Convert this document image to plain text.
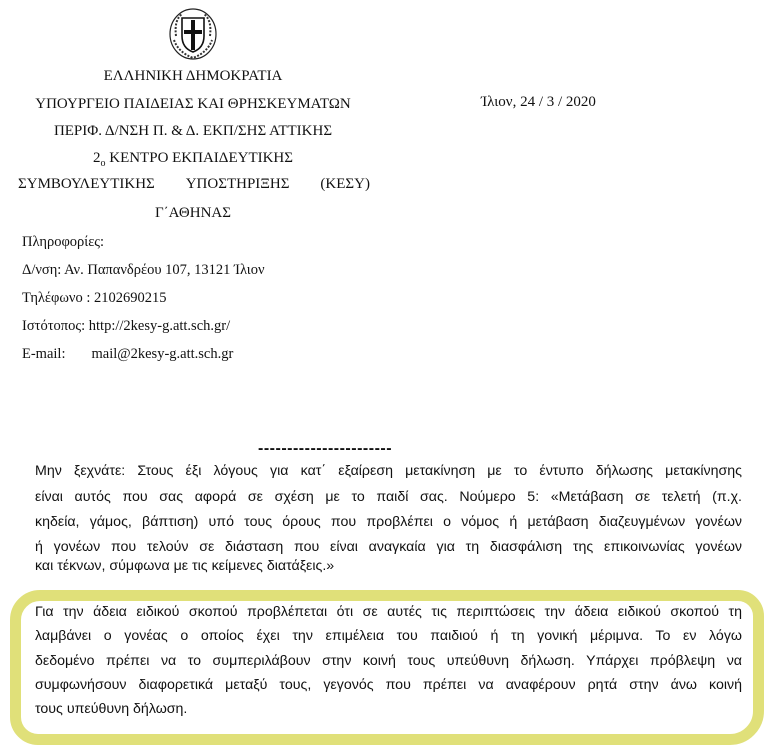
ΕΛΛΗΝΙΚΗ ΔΗΜΟΚΡΑΤΙΑ
ΥΠΟΥΡΓΕΙΟ ΠΑΙΔΕΙΑΣ ΚΑΙ ΘΡΗΣΚΕΥΜΑΤΩΝ
ΠΕΡΙΦ. Δ/ΝΣΗ Π. & Δ. ΕΚΠ/ΣΗΣ ΑΤΤΙΚΗΣ
$2_o$ ΚΕΝΤΡΟ ΕΚΠΑΙΔΕΥΤΙΚΗΣ
ΣΥΜΒΟΥΛΕΥΤΙΚΗΣ ΥΠΟΣΤΗΡΙΞΗΣ (ΚΕΣΥ)
Γ΄ΑΘΗΝΑΣ
Ίλιον, 24 / 3 / 2020
Πληροφορίες:
Δ/νση: Αν. Παπανδρέου 107, 13121 Ίλιον
Τηλέφωνο : 2102690215
Ιστότοπος: http://2kesy-g.att.sch.gr/
E-mail: mail@2kesy-g.att.sch.gr
-----------------------
Μην ξεχνάτε: Στους έξι λόγους για κατ΄ εξαίρεση μετακίνηση με το έντυπο δήλωσης μετακίνησης
είναι αυτός που σας αφορά σε σχέση με το παιδί σας. Νούμερο 5: «Μετάβαση σε τελετή (π.χ.
κηδεία, γάμος, βάπτιση) υπό τους όρους που προβλέπει ο νόμος ή μετάβαση διαζευγμένων γονέων
ή γονέων που τελούν σε διάσταση που είναι αναγκαία για τη διασφάλιση της επικοινωνίας γονέων
και τέκνων, σύμφωνα με τις κείμενες διατάξεις.»
Για την άδεια ειδικού σκοπού προβλέπεται ότι σε αυτές τις περιπτώσεις την άδεια ειδικού σκοπού τη
λαμβάνει ο γονέας ο οποίος έχει την επιμέλεια του παιδιού ή τη γονική μέριμνα. Το εν λόγω
δεδομένο πρέπει να το συμπεριλάβουν στην κοινή τους υπεύθυνη δήλωση. Υπάρχει πρόβλεψη να
συμφωνήσουν διαφορετικά μεταξύ τους, γεγονός που πρέπει να αναφέρουν ρητά στην άνω κοινή
τους υπεύθυνη δήλωση.
